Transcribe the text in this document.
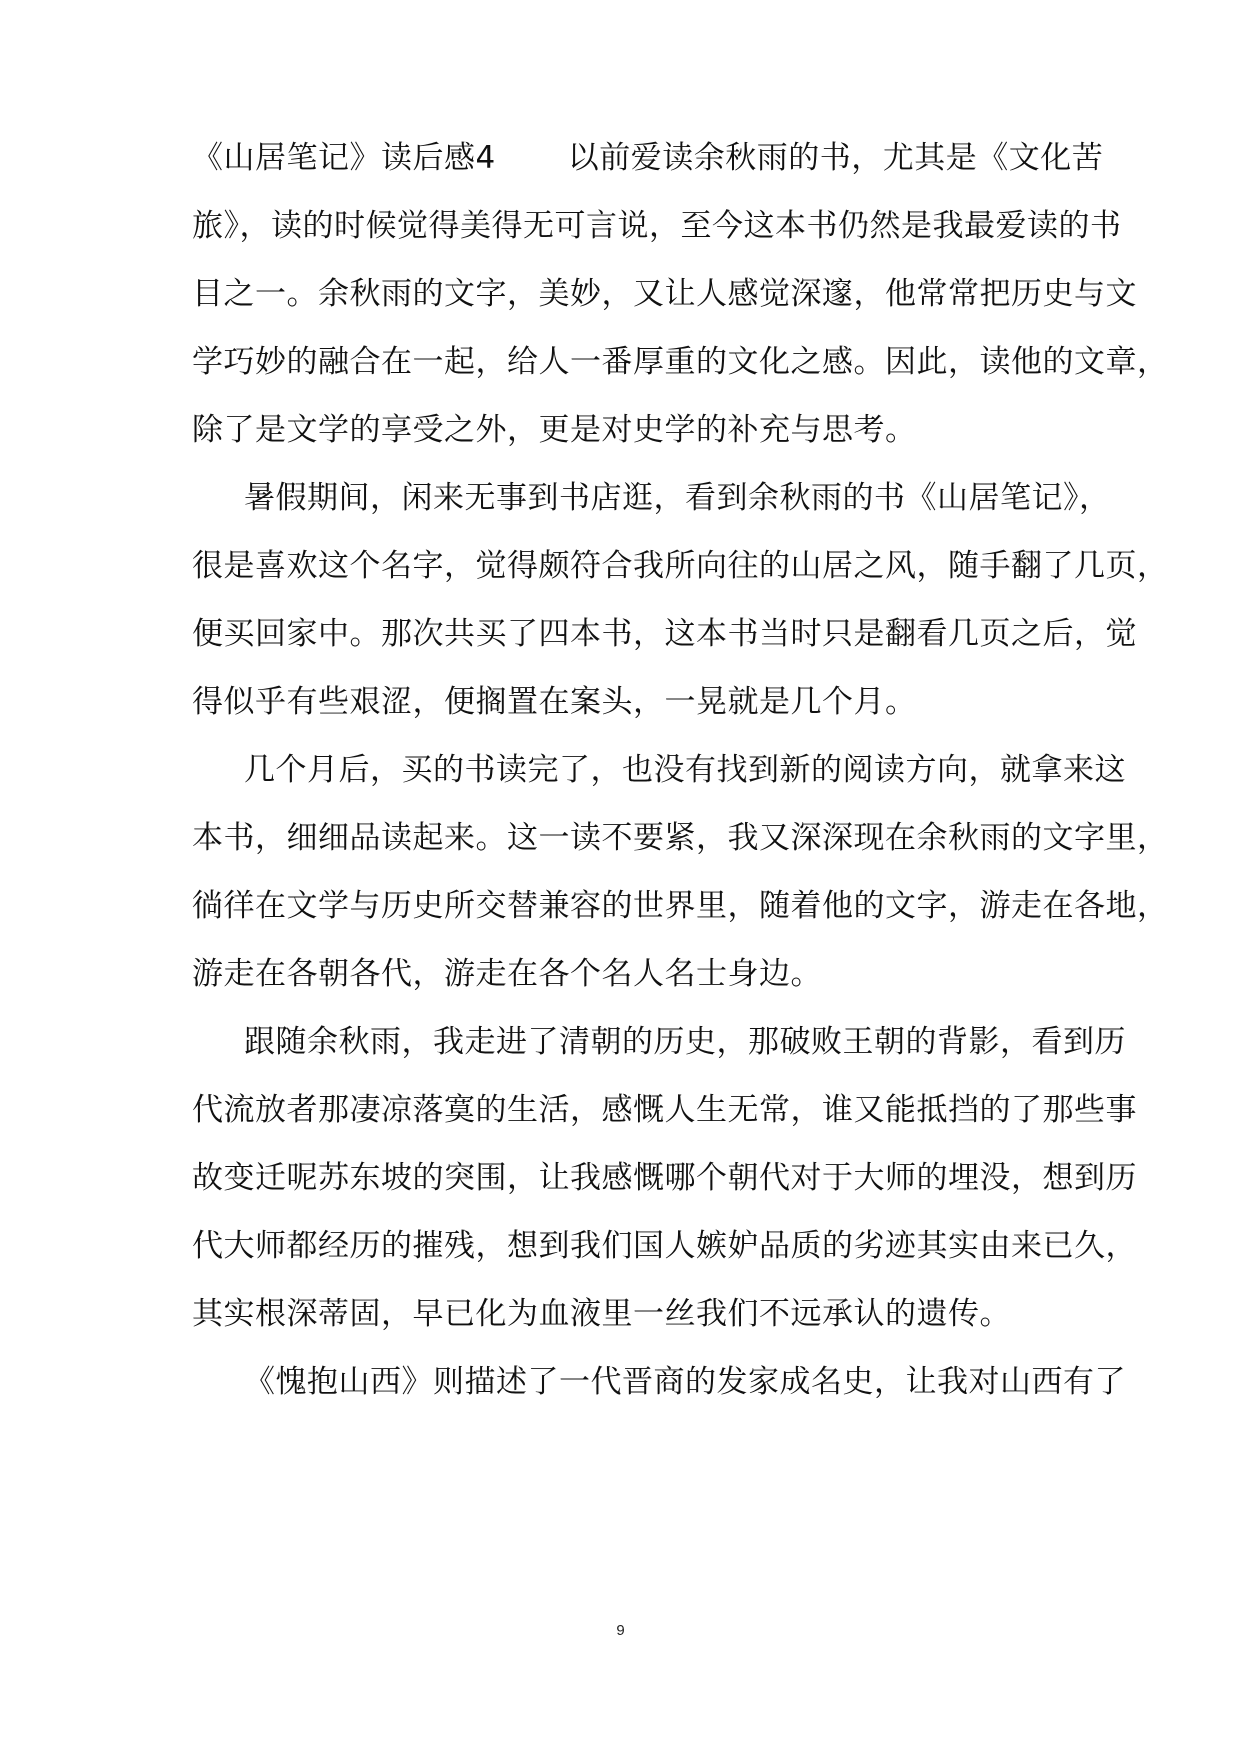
《山居笔记》读后感4 以前爱读余秋雨的书，尤其是《文化苦
旅》，读的时候觉得美得无可言说，至今这本书仍然是我最爱读的书
目之一。余秋雨的文字，美妙，又让人感觉深邃，他常常把历史与文
学巧妙的融合在一起，给人一番厚重的文化之感。因此，读他的文章，
除了是文学的享受之外，更是对史学的补充与思考。
暑假期间，闲来无事到书店逛，看到余秋雨的书《山居笔记》，
很是喜欢这个名字，觉得颇符合我所向往的山居之风，随手翻了几页，
便买回家中。那次共买了四本书，这本书当时只是翻看几页之后，觉
得似乎有些艰涩，便搁置在案头，一晃就是几个月。
几个月后，买的书读完了，也没有找到新的阅读方向，就拿来这
本书，细细品读起来。这一读不要紧，我又深深现在余秋雨的文字里，
徜徉在文学与历史所交替兼容的世界里，随着他的文字，游走在各地，
游走在各朝各代，游走在各个名人名士身边。
跟随余秋雨，我走进了清朝的历史，那破败王朝的背影，看到历
代流放者那凄凉落寞的生活，感慨人生无常，谁又能抵挡的了那些事
故变迁呢苏东坡的突围，让我感慨哪个朝代对于大师的埋没，想到历
代大师都经历的摧残，想到我们国人嫉妒品质的劣迹其实由来已久，
其实根深蒂固，早已化为血液里一丝我们不远承认的遗传。
《愧抱山西》则描述了一代晋商的发家成名史，让我对山西有了
9
